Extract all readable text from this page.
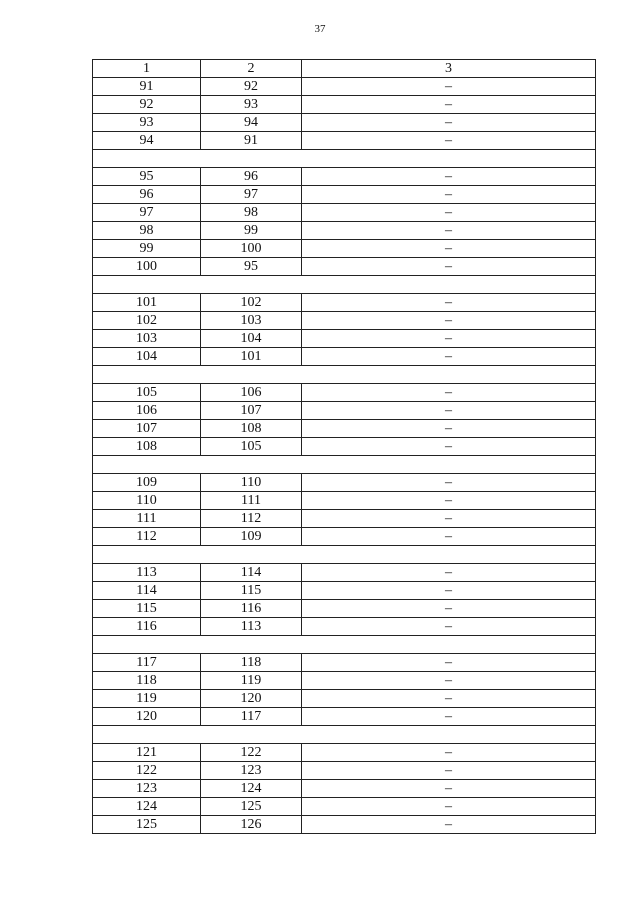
37
1	2	3
91	92	–
92	93	–
93	94	–
94	91	–

95	96	–
96	97	–
97	98	–
98	99	–
99	100	–
100	95	–

101	102	–
102	103	–
103	104	–
104	101	–

105	106	–
106	107	–
107	108	–
108	105	–

109	110	–
110	111	–
111	112	–
112	109	–

113	114	–
114	115	–
115	116	–
116	113	–

117	118	–
118	119	–
119	120	–
120	117	–

121	122	–
122	123	–
123	124	–
124	125	–
125	126	–
